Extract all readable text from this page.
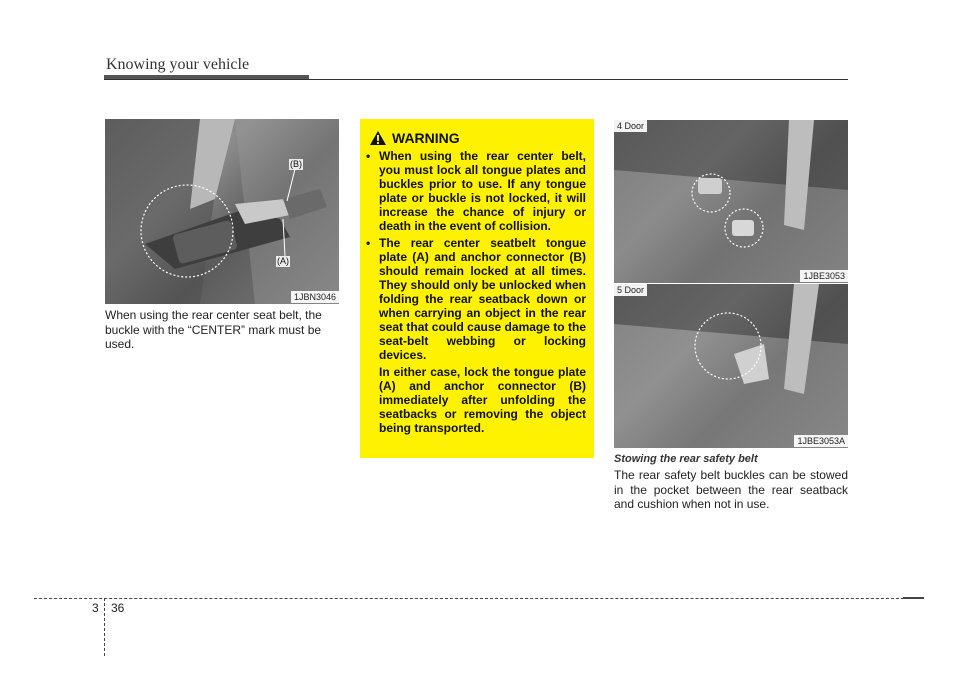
Knowing your vehicle
(B)
(A)
1JBN3046
When using the rear center seat belt, the buckle with the “CENTER” mark must be used.
WARNING
• When using the rear center belt, you must lock all tongue plates and buckles prior to use. If any tongue plate or buckle is not locked, it will increase the chance of injury or death in the event of collision.
• The rear center seatbelt tongue plate (A) and anchor connector (B) should remain locked at all times. They should only be unlocked when folding the rear seatback down or when carrying an object in the rear seat that could cause damage to the seat-belt webbing or locking devices.
In either case, lock the tongue plate (A) and anchor connector (B) immediately after unfolding the seatbacks or removing the object being transported.
4 Door
1JBE3053
5 Door
1JBE3053A
Stowing the rear safety belt
The rear safety belt buckles can be stowed in the pocket between the rear seatback and cushion when not in use.
3 36
